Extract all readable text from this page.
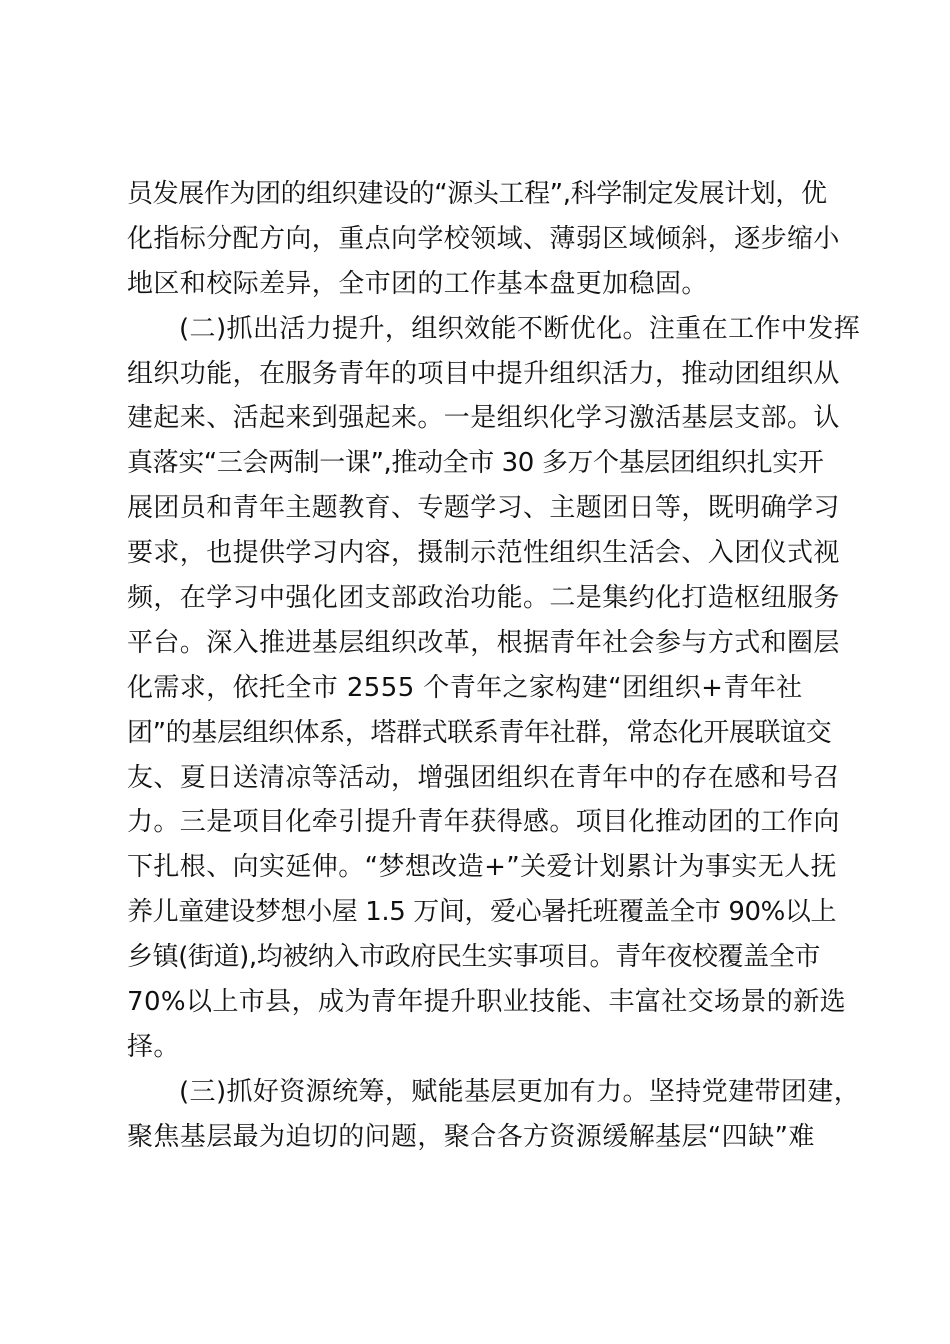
员发展作为团的组织建设的“源头工程”,科学制定发展计划，优
化指标分配方向，重点向学校领域、薄弱区域倾斜，逐步缩小
地区和校际差异，全市团的工作基本盘更加稳固。
(二)抓出活力提升，组织效能不断优化。注重在工作中发挥
组织功能，在服务青年的项目中提升组织活力，推动团组织从
建起来、活起来到强起来。一是组织化学习激活基层支部。认
真落实“三会两制一课”,推动全市 30 多万个基层团组织扎实开
展团员和青年主题教育、专题学习、主题团日等，既明确学习
要求，也提供学习内容，摄制示范性组织生活会、入团仪式视
频，在学习中强化团支部政治功能。二是集约化打造枢纽服务
平台。深入推进基层组织改革，根据青年社会参与方式和圈层
化需求，依托全市 2555 个青年之家构建“团组织+青年社
团”的基层组织体系，塔群式联系青年社群，常态化开展联谊交
友、夏日送清凉等活动，增强团组织在青年中的存在感和号召
力。三是项目化牵引提升青年获得感。项目化推动团的工作向
下扎根、向实延伸。“梦想改造+”关爱计划累计为事实无人抚
养儿童建设梦想小屋 1.5 万间，爱心暑托班覆盖全市 90%以上
乡镇(街道),均被纳入市政府民生实事项目。青年夜校覆盖全市
70%以上市县，成为青年提升职业技能、丰富社交场景的新选
择。
(三)抓好资源统筹，赋能基层更加有力。坚持党建带团建，
聚焦基层最为迫切的问题，聚合各方资源缓解基层“四缺”难
